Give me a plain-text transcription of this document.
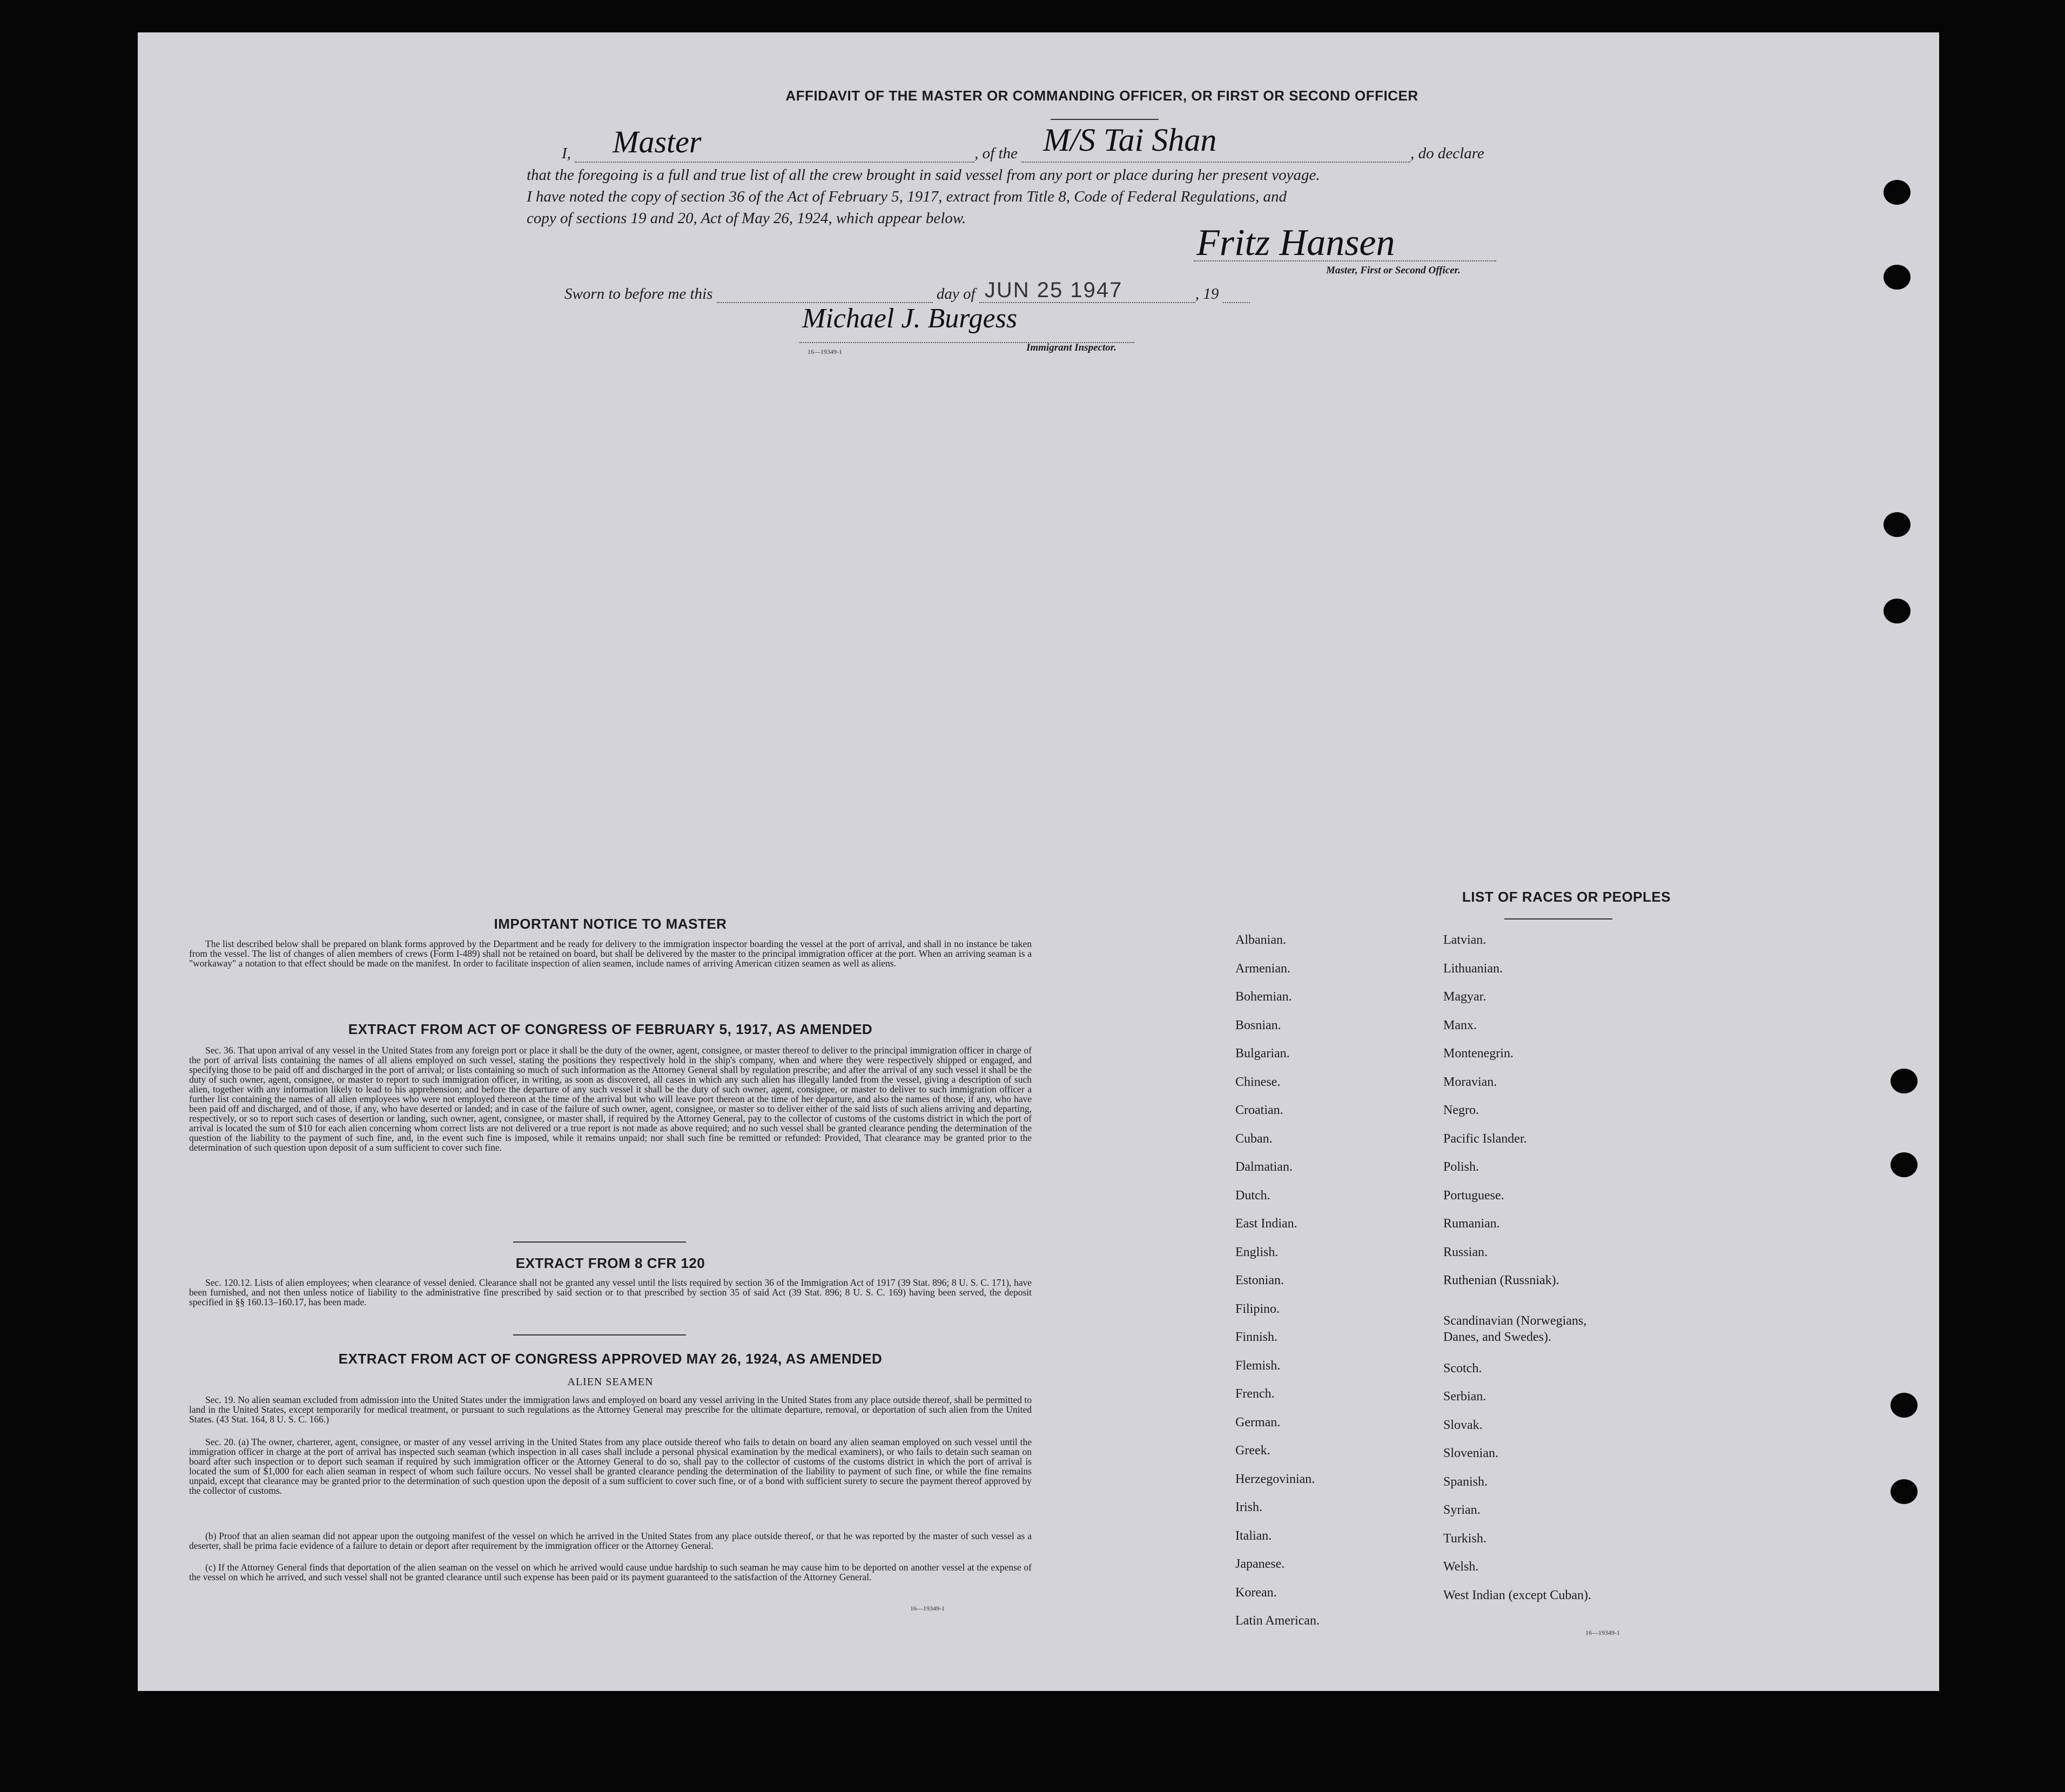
AFFIDAVIT OF THE MASTER OR COMMANDING OFFICER, OR FIRST OR SECOND OFFICER
I, Master	, of the M/S Tai Shan	, do declare
that the foregoing is a full and true list of all the crew brought in said vessel from any port or place during her present voyage.
I have noted the copy of section 36 of the Act of February 5, 1917, extract from Title 8, Code of Federal Regulations, and
copy of sections 19 and 20, Act of May 26, 1924, which appear below.
Fritz Hansen
Master, First or Second Officer.
Sworn to before me this	day of JUN 25 1947	, 19
Michael J. Burgess
Immigrant Inspector.
16—19349-1
IMPORTANT NOTICE TO MASTER

The list described below shall be prepared on blank forms approved by the Department and be ready for delivery to the immigration inspector boarding the vessel at the port of arrival, and shall in no instance be taken from the vessel. The list of changes of alien members of crews (Form I-489) shall not be retained on board, but shall be delivered by the master to the principal immigration officer at the port. When an arriving seaman is a "workaway" a notation to that effect should be made on the manifest. In order to facilitate inspection of alien seamen, include names of arriving American citizen seamen as well as aliens.

EXTRACT FROM ACT OF CONGRESS OF FEBRUARY 5, 1917, AS AMENDED

Sec. 36. That upon arrival of any vessel in the United States from any foreign port or place it shall be the duty of the owner, agent, consignee, or master thereof to deliver to the principal immigration officer in charge of the port of arrival lists containing the names of all aliens employed on such vessel, stating the positions they respectively hold in the ship's company, when and where they were respectively shipped or engaged, and specifying those to be paid off and discharged in the port of arrival; or lists containing so much of such information as the Attorney General shall by regulation prescribe; and after the arrival of any such vessel it shall be the duty of such owner, agent, consignee, or master to report to such immigration officer, in writing, as soon as discovered, all cases in which any such alien has illegally landed from the vessel, giving a description of such alien, together with any information likely to lead to his apprehension; and before the departure of any such vessel it shall be the duty of such owner, agent, consignee, or master to deliver to such immigration officer a further list containing the names of all alien employees who were not employed thereon at the time of the arrival but who will leave port thereon at the time of her departure, and also the names of those, if any, who have been paid off and discharged, and of those, if any, who have deserted or landed; and in case of the failure of such owner, agent, consignee, or master so to deliver either of the said lists of such aliens arriving and departing, respectively, or so to report such cases of desertion or landing, such owner, agent, consignee, or master shall, if required by the Attorney General, pay to the collector of customs of the customs district in which the port of arrival is located the sum of $10 for each alien concerning whom correct lists are not delivered or a true report is not made as above required; and no such vessel shall be granted clearance pending the determination of the question of the liability to the payment of such fine, and, in the event such fine is imposed, while it remains unpaid; nor shall such fine be remitted or refunded: Provided, That clearance may be granted prior to the determination of such question upon deposit of a sum sufficient to cover such fine.

EXTRACT FROM 8 CFR 120

Sec. 120.12. Lists of alien employees; when clearance of vessel denied. Clearance shall not be granted any vessel until the lists required by section 36 of the Immigration Act of 1917 (39 Stat. 896; 8 U. S. C. 171), have been furnished, and not then unless notice of liability to the administrative fine prescribed by said section or to that prescribed by section 35 of said Act (39 Stat. 896; 8 U. S. C. 169) having been served, the deposit specified in §§ 160.13–160.17, has been made.

EXTRACT FROM ACT OF CONGRESS APPROVED MAY 26, 1924, AS AMENDED
ALIEN SEAMEN

Sec. 19. No alien seaman excluded from admission into the United States under the immigration laws and employed on board any vessel arriving in the United States from any place outside thereof, shall be permitted to land in the United States, except temporarily for medical treatment, or pursuant to such regulations as the Attorney General may prescribe for the ultimate departure, removal, or deportation of such alien from the United States. (43 Stat. 164, 8 U. S. C. 166.)

Sec. 20. (a) The owner, charterer, agent, consignee, or master of any vessel arriving in the United States from any place outside thereof who fails to detain on board any alien seaman employed on such vessel until the immigration officer in charge at the port of arrival has inspected such seaman (which inspection in all cases shall include a personal physical examination by the medical examiners), or who fails to detain such seaman on board after such inspection or to deport such seaman if required by such immigration officer or the Attorney General to do so, shall pay to the collector of customs of the customs district in which the port of arrival is located the sum of $1,000 for each alien seaman in respect of whom such failure occurs. No vessel shall be granted clearance pending the determination of the liability to payment of such fine, or while the fine remains unpaid, except that clearance may be granted prior to the determination of such question upon the deposit of a sum sufficient to cover such fine, or of a bond with sufficient surety to secure the payment thereof approved by the collector of customs.

(b) Proof that an alien seaman did not appear upon the outgoing manifest of the vessel on which he arrived in the United States from any place outside thereof, or that he was reported by the master of such vessel as a deserter, shall be prima facie evidence of a failure to detain or deport after requirement by the immigration officer or the Attorney General.

(c) If the Attorney General finds that deportation of the alien seaman on the vessel on which he arrived would cause undue hardship to such seaman he may cause him to be deported on another vessel at the expense of the vessel on which he arrived, and such vessel shall not be granted clearance until such expense has been paid or its payment guaranteed to the satisfaction of the Attorney General.

16—19349-1
LIST OF RACES OR PEOPLES
Albanian.
Armenian.
Bohemian.
Bosnian.
Bulgarian.
Chinese.
Croatian.
Cuban.
Dalmatian.
Dutch.
East Indian.
English.
Estonian.
Filipino.
Finnish.
Flemish.
French.
German.
Greek.
Herzegovinian.
Irish.
Italian.
Japanese.
Korean.
Latin American.
Latvian.
Lithuanian.
Magyar.
Manx.
Montenegrin.
Moravian.
Negro.
Pacific Islander.
Polish.
Portuguese.
Rumanian.
Russian.
Ruthenian (Russniak).
Scandinavian (Norwegians, Danes, and Swedes).
Scotch.
Serbian.
Slovak.
Slovenian.
Spanish.
Syrian.
Turkish.
Welsh.
West Indian (except Cuban).
16—19349-1
